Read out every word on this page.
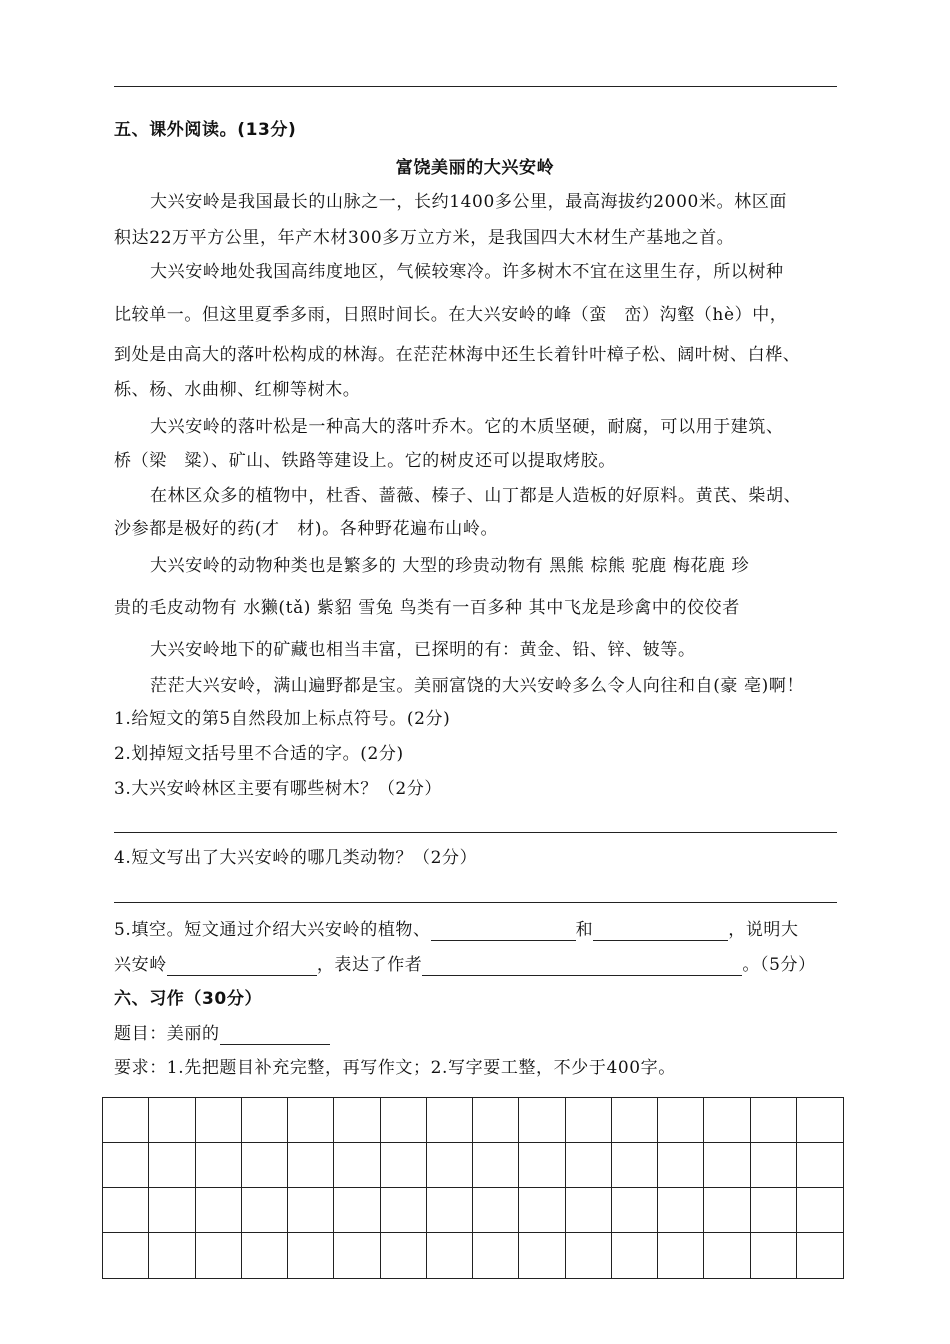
五、课外阅读。(13分)
富饶美丽的大兴安岭
大兴安岭是我国最长的山脉之一，长约1400多公里，最高海拔约2000米。林区面
积达22万平方公里，年产木材300多万立方米，是我国四大木材生产基地之首。
大兴安岭地处我国高纬度地区，气候较寒冷。许多树木不宜在这里生存，所以树种
比较单一。但这里夏季多雨，日照时间长。在大兴安岭的峰（蛮　峦）沟壑（hè）中，
到处是由高大的落叶松构成的林海。在茫茫林海中还生长着针叶樟子松、阔叶树、白桦、
栎、杨、水曲柳、红柳等树木。
大兴安岭的落叶松是一种高大的落叶乔木。它的木质坚硬，耐腐，可以用于建筑、
桥（梁　粱）、矿山、铁路等建设上。它的树皮还可以提取烤胶。
在林区众多的植物中，杜香、蔷薇、榛子、山丁都是人造板的好原料。黄芪、柴胡、
沙参都是极好的药(才　材)。各种野花遍布山岭。
大兴安岭的动物种类也是繁多的 大型的珍贵动物有 黑熊 棕熊 驼鹿 梅花鹿 珍
贵的毛皮动物有 水獭(tǎ) 紫貂 雪兔 鸟类有一百多种 其中飞龙是珍禽中的佼佼者
大兴安岭地下的矿藏也相当丰富，已探明的有：黄金、铅、锌、铍等。
茫茫大兴安岭，满山遍野都是宝。美丽富饶的大兴安岭多么令人向往和自(豪 亳)啊！
1.给短文的第5自然段加上标点符号。(2分)
2.划掉短文括号里不合适的字。(2分)
3.大兴安岭林区主要有哪些树木？（2分）
4.短文写出了大兴安岭的哪几类动物？（2分）
六、习作（30分）
要求：1.先把题目补充完整，再写作文；2.写字要工整，不少于400字。
5.填空。短文通过介绍大兴安岭的植物、	和	，说明大
兴安岭	，表达了作者	。（5分）
题目：美丽的
